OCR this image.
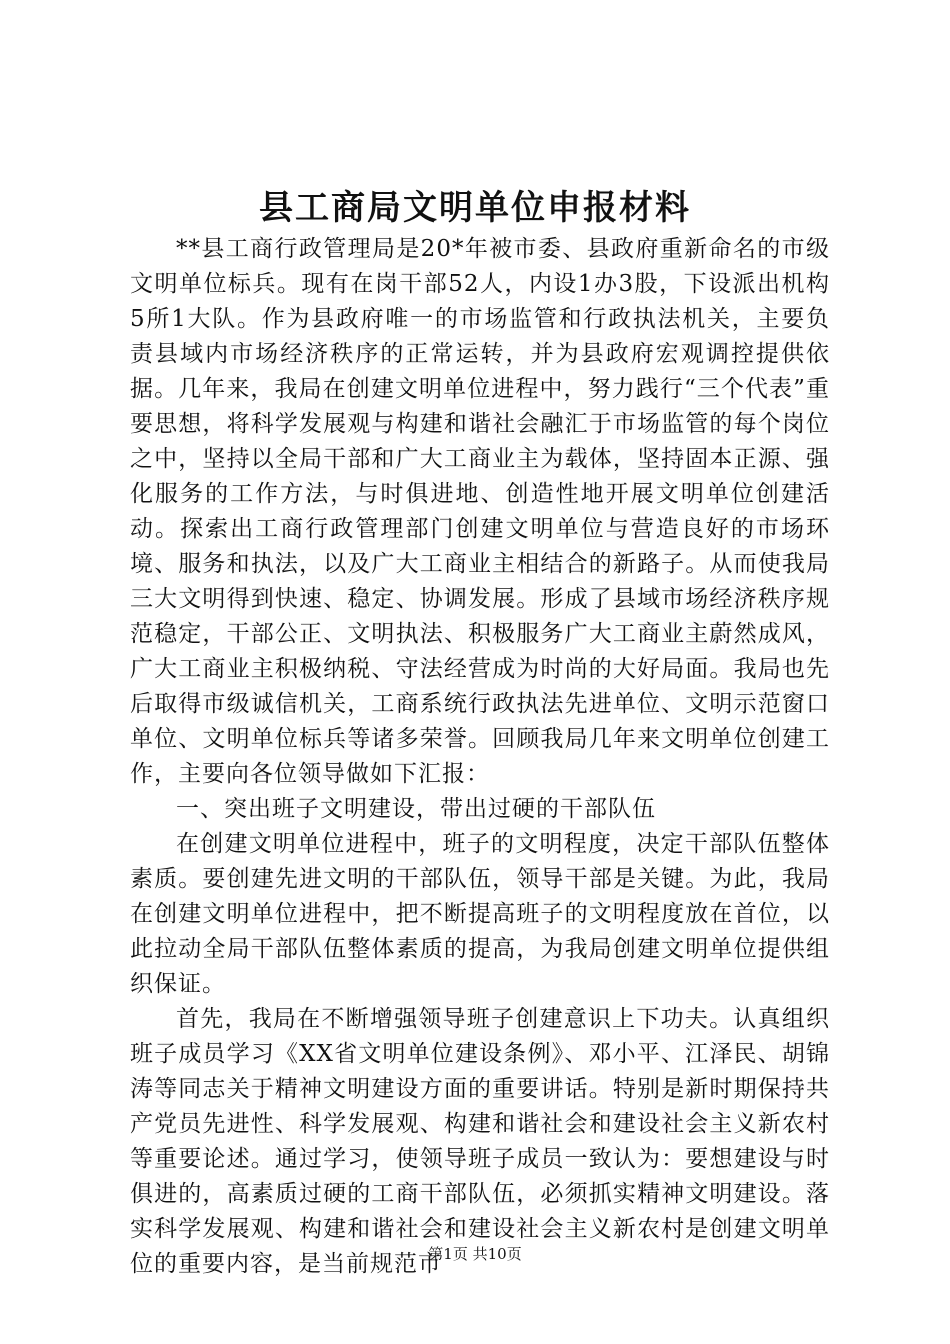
县工商局文明单位申报材料

**县工商行政管理局是20*年被市委、县政府重新命名的市级文明单位标兵。现有在岗干部52人，内设1办3股，下设派出机构5所1大队。作为县政府唯一的市场监管和行政执法机关，主要负责县域内市场经济秩序的正常运转，并为县政府宏观调控提供依据。几年来，我局在创建文明单位进程中，努力践行“三个代表”重要思想，将科学发展观与构建和谐社会融汇于市场监管的每个岗位之中，坚持以全局干部和广大工商业主为载体，坚持固本正源、强化服务的工作方法，与时俱进地、创造性地开展文明单位创建活动。探索出工商行政管理部门创建文明单位与营造良好的市场环境、服务和执法，以及广大工商业主相结合的新路子。从而使我局三大文明得到快速、稳定、协调发展。形成了县域市场经济秩序规范稳定，干部公正、文明执法、积极服务广大工商业主蔚然成风，广大工商业主积极纳税、守法经营成为时尚的大好局面。我局也先后取得市级诚信机关，工商系统行政执法先进单位、文明示范窗口单位、文明单位标兵等诸多荣誉。回顾我局几年来文明单位创建工作，主要向各位领导做如下汇报：

一、突出班子文明建设，带出过硬的干部队伍

在创建文明单位进程中，班子的文明程度，决定干部队伍整体素质。要创建先进文明的干部队伍，领导干部是关键。为此，我局在创建文明单位进程中，把不断提高班子的文明程度放在首位，以此拉动全局干部队伍整体素质的提高，为我局创建文明单位提供组织保证。

首先，我局在不断增强领导班子创建意识上下功夫。认真组织班子成员学习《XX省文明单位建设条例》、邓小平、江泽民、胡锦涛等同志关于精神文明建设方面的重要讲话。特别是新时期保持共产党员先进性、科学发展观、构建和谐社会和建设社会主义新农村等重要论述。通过学习，使领导班子成员一致认为：要想建设与时俱进的，高素质过硬的工商干部队伍，必须抓实精神文明建设。落实科学发展观、构建和谐社会和建设社会主义新农村是创建文明单位的重要内容，是当前规范市

第1页 共10页
